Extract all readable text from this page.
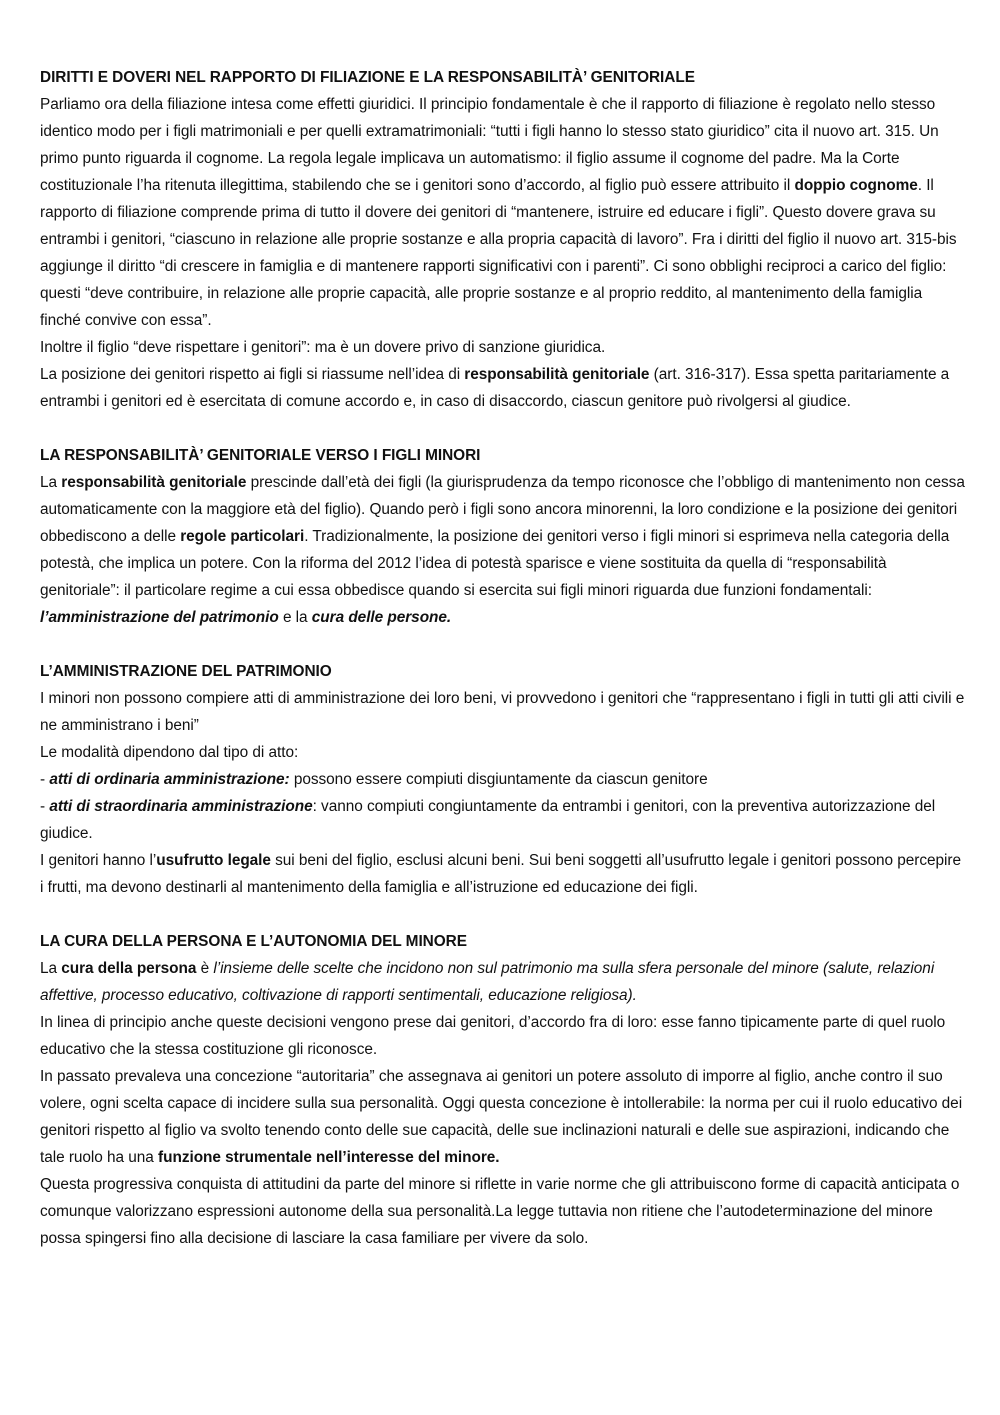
DIRITTI E DOVERI NEL RAPPORTO DI FILIAZIONE E LA RESPONSABILITÀ’ GENITORIALE

Parliamo ora della filiazione intesa come effetti giuridici. Il principio fondamentale è che il rapporto di filiazione è regolato nello stesso identico modo per i figli matrimoniali e per quelli extramatrimoniali: “tutti i figli hanno lo stesso stato giuridico” cita il nuovo art. 315. Un primo punto riguarda il cognome. La regola legale implicava un automatismo: il figlio assume il cognome del padre. Ma la Corte costituzionale l’ha ritenuta illegittima, stabilendo che se i genitori sono d’accordo, al figlio può essere attribuito il doppio cognome. Il rapporto di filiazione comprende prima di tutto il dovere dei genitori di “mantenere, istruire ed educare i figli”. Questo dovere grava su entrambi i genitori, “ciascuno in relazione alle proprie sostanze e alla propria capacità di lavoro”. Fra i diritti del figlio il nuovo art. 315-bis aggiunge il diritto “di crescere in famiglia e di mantenere rapporti significativi con i parenti”. Ci sono obblighi reciproci a carico del figlio: questi “deve contribuire, in relazione alle proprie capacità, alle proprie sostanze e al proprio reddito, al mantenimento della famiglia finché convive con essa”.

Inoltre il figlio “deve rispettare i genitori”: ma è un dovere privo di sanzione giuridica.

La posizione dei genitori rispetto ai figli si riassume nell’idea di responsabilità genitoriale (art. 316-317). Essa spetta paritariamente a entrambi i genitori ed è esercitata di comune accordo e, in caso di disaccordo, ciascun genitore può rivolgersi al giudice.

LA RESPONSABILITÀ’ GENITORIALE VERSO I FIGLI MINORI

La responsabilità genitoriale prescinde dall’età dei figli (la giurisprudenza da tempo riconosce che l’obbligo di mantenimento non cessa automaticamente con la maggiore età del figlio). Quando però i figli sono ancora minorenni, la loro condizione e la posizione dei genitori obbediscono a delle regole particolari. Tradizionalmente, la posizione dei genitori verso i figli minori si esprimeva nella categoria della potestà, che implica un potere. Con la riforma del 2012 l’idea di potestà sparisce e viene sostituita da quella di “responsabilità genitoriale”: il particolare regime a cui essa obbedisce quando si esercita sui figli minori riguarda due funzioni fondamentali: l’amministrazione del patrimonio e la cura delle persone.

L’AMMINISTRAZIONE DEL PATRIMONIO

I minori non possono compiere atti di amministrazione dei loro beni, vi provvedono i genitori che “rappresentano i figli in tutti gli atti civili e ne amministrano i beni”

Le modalità dipendono dal tipo di atto:

- atti di ordinaria amministrazione: possono essere compiuti disgiuntamente da ciascun genitore

- atti di straordinaria amministrazione: vanno compiuti congiuntamente da entrambi i genitori, con la preventiva autorizzazione del giudice.

I genitori hanno l’usufrutto legale sui beni del figlio, esclusi alcuni beni. Sui beni soggetti all’usufrutto legale i genitori possono percepire i frutti, ma devono destinarli al mantenimento della famiglia e all’istruzione ed educazione dei figli.

LA CURA DELLA PERSONA E L’AUTONOMIA DEL MINORE

La cura della persona è l’insieme delle scelte che incidono non sul patrimonio ma sulla sfera personale del minore (salute, relazioni affettive, processo educativo, coltivazione di rapporti sentimentali, educazione religiosa).

In linea di principio anche queste decisioni vengono prese dai genitori, d’accordo fra di loro: esse fanno tipicamente parte di quel ruolo educativo che la stessa costituzione gli riconosce.

In passato prevaleva una concezione “autoritaria” che assegnava ai genitori un potere assoluto di imporre al figlio, anche contro il suo volere, ogni scelta capace di incidere sulla sua personalità. Oggi questa concezione è intollerabile: la norma per cui il ruolo educativo dei genitori rispetto al figlio va svolto tenendo conto delle sue capacità, delle sue inclinazioni naturali e delle sue aspirazioni, indicando che tale ruolo ha una funzione strumentale nell’interesse del minore.

Questa progressiva conquista di attitudini da parte del minore si riflette in varie norme che gli attribuiscono forme di capacità anticipata o comunque valorizzano espressioni autonome della sua personalità.La legge tuttavia non ritiene che l’autodeterminazione del minore possa spingersi fino alla decisione di lasciare la casa familiare per vivere da solo.
